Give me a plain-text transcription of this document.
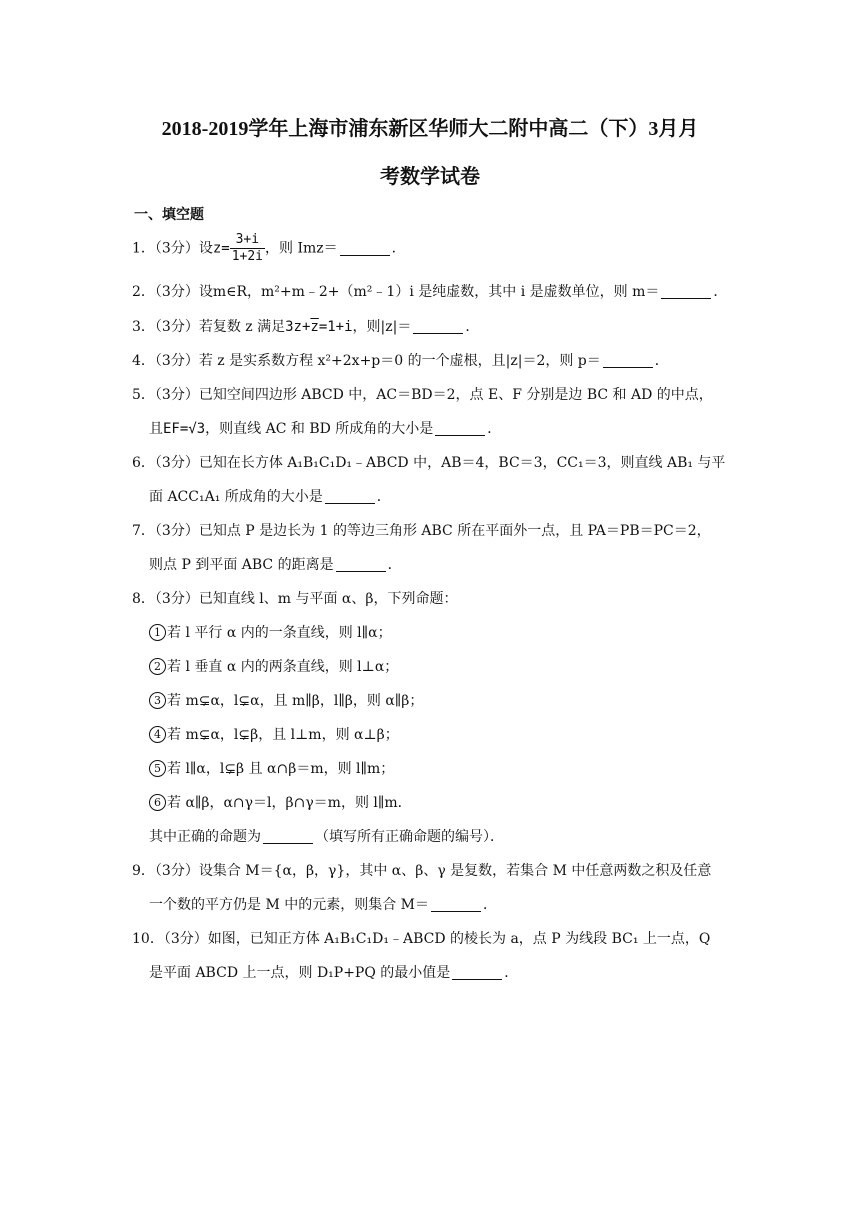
2018-2019学年上海市浦东新区华师大二附中高二（下）3月月
考数学试卷
一、填空题
1．（3分）设$z= \frac{3+i}{1+2i}$ ，则 Imz＝	．
2．（3分）设m∈R，m²+m﹣2+（m²﹣1）i 是纯虚数，其中 i 是虚数单位，则 m＝	．
3．（3分）若复数 z 满足$3z+\overline{z}=1+i$，则|z|＝	．
4．（3分）若 z 是实系数方程 x²+2x+p＝0 的一个虚根，且|z|＝2，则 p＝	．
5．（3分）已知空间四边形 ABCD 中，AC＝BD＝2，点 E、F 分别是边 BC 和 AD 的中点，
且EF=√3，则直线 AC 和 BD 所成角的大小是	．
6．（3分）已知在长方体 A₁B₁C₁D₁﹣ABCD 中，AB＝4，BC＝3，CC₁＝3，则直线 AB₁ 与平
面 ACC₁A₁ 所成角的大小是	．
7．（3分）已知点 P 是边长为 1 的等边三角形 ABC 所在平面外一点，且 PA＝PB＝PC＝2，
则点 P 到平面 ABC 的距离是	．
8．（3分）已知直线 l、m 与平面 α、β，下列命题：
1 若 l 平行 α 内的一条直线，则 l∥α；
2 若 l 垂直 α 内的两条直线，则 l⊥α；
3 若 m⊊α，l⊊α，且 m∥β，l∥β，则 α∥β；
4 若 m⊊α，l⊊β，且 l⊥m，则 α⊥β；
5 若 l∥α，l⊊β 且 α∩β＝m，则 l∥m；
6 若 α∥β，α∩γ＝l，β∩γ＝m，则 l∥m．
其中正确的命题为	（填写所有正确命题的编号）．
9．（3分）设集合 M＝{α，β，γ}，其中 α、β、γ 是复数，若集合 M 中任意两数之积及任意
一个数的平方仍是 M 中的元素，则集合 M＝	．
10．（3分）如图，已知正方体 A₁B₁C₁D₁﹣ABCD 的棱长为 a，点 P 为线段 BC₁ 上一点，Q
是平面 ABCD 上一点，则 D₁P+PQ 的最小值是	．
